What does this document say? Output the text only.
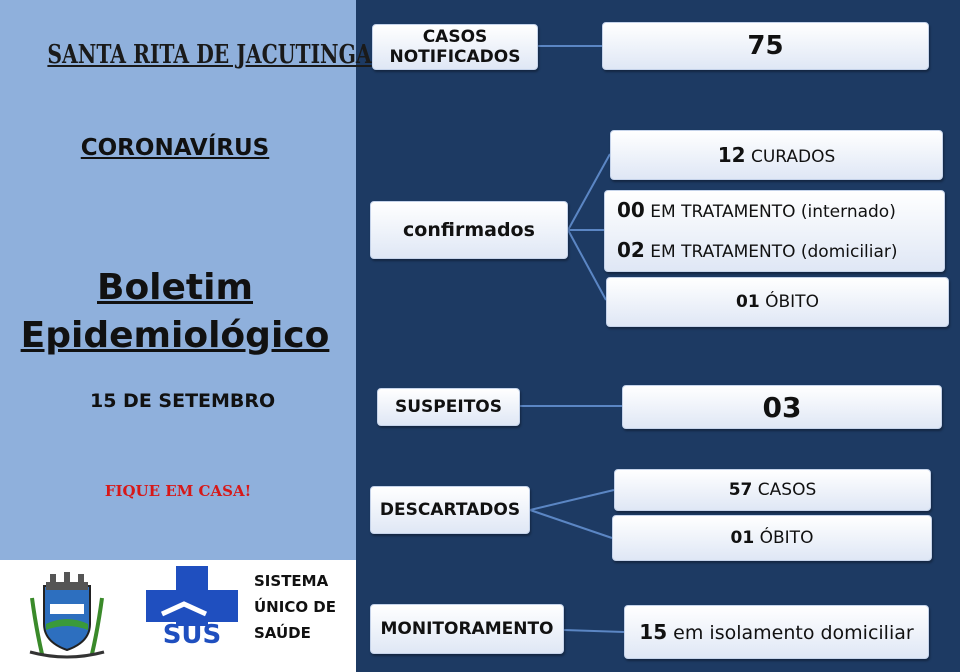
SANTA RITA DE JACUTINGA
CORONAVÍRUS
Boletim
Epidemiológico
15 DE SETEMBRO
FIQUE EM CASA!
SUS
SISTEMA
ÚNICO DE
SAÚDE
CASOS
NOTIFICADOS	75
confirmados
12 CURADOS
00 EM TRATAMENTO (internado)
02 EM TRATAMENTO (domiciliar)
01 ÓBITO
SUSPEITOS	03
DESCARTADOS
57 CASOS
01 ÓBITO
MONITORAMENTO	15 em isolamento domiciliar
